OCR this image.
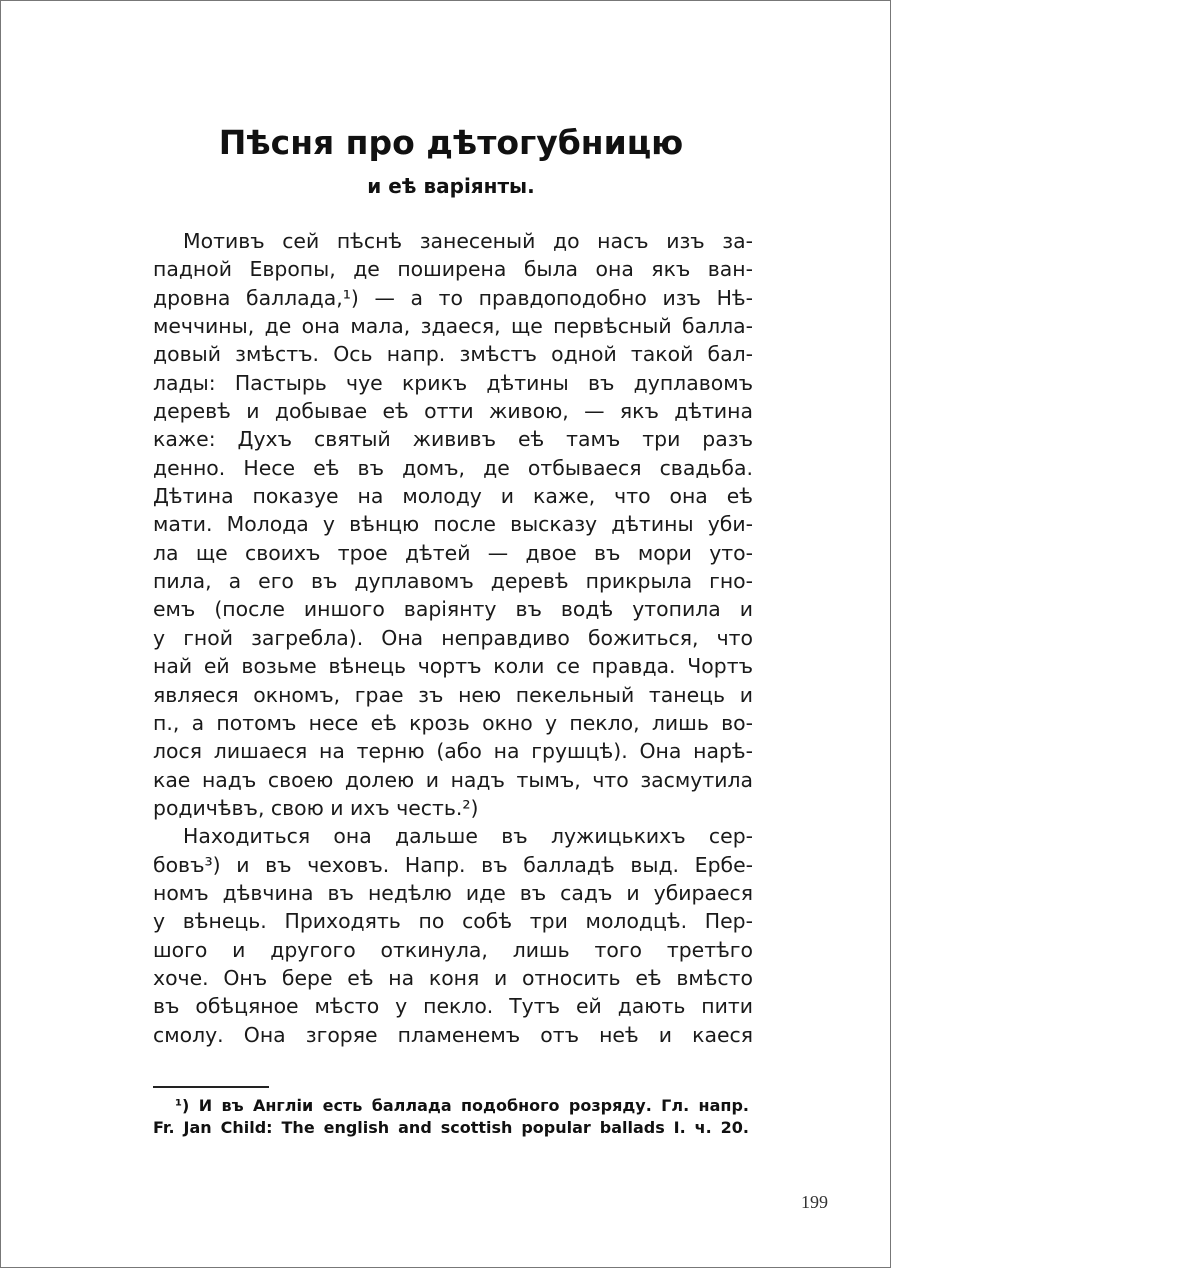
Пѣсня про дѣтогубницю
и еѣ варіянты.
Мотивъ сей пѣснѣ занесеный до насъ изъ за-
падной Европы, де поширена была она якъ ван-
дровна баллада,¹) — а то правдоподобно изъ Нѣ-
меччины, де она мала, здаеся, ще первѣсный балла-
довый змѣстъ. Ось напр. змѣстъ одной такой бал-
лады: Пастырь чуе крикъ дѣтины въ дуплавомъ
деревѣ и добывае еѣ отти живою, — якъ дѣтина
каже: Духъ святый жививъ еѣ тамъ три разъ
денно. Несе еѣ въ домъ, де отбываеся свадьба.
Дѣтина показуе на молоду и каже, что она еѣ
мати. Молода у вѣнцю после высказу дѣтины уби-
ла ще своихъ трое дѣтей — двое въ мори уто-
пила, а его въ дуплавомъ деревѣ прикрыла гно-
емъ (после иншого варіянту въ водѣ утопила и
у гной загребла). Она неправдиво божиться, что
най ей возьме вѣнець чортъ коли се правда. Чортъ
являеся окномъ, грае зъ нею пекельный танець и
п., а потомъ несе еѣ крозь окно у пекло, лишь во-
лося лишаеся на терню (або на грушцѣ). Она нарѣ-
кае надъ своею долею и надъ тымъ, что засмутила
родичѣвъ, свою и ихъ честь.²)
Находиться она дальше въ лужицькихъ сер-
бовъ³) и въ чеховъ. Напр. въ балладѣ выд. Ербе-
номъ дѣвчина въ недѣлю иде въ садъ и убираеся
у вѣнець. Приходять по собѣ три молодцѣ. Пер-
шого и другого откинула, лишь того третѣго
хоче. Онъ бере еѣ на коня и относить еѣ вмѣсто
въ обѣцяное мѣсто у пекло. Тутъ ей дають пити
смолу. Она згоряе пламенемъ отъ неѣ и каеся
¹) И въ Англіи есть баллада подобного розряду. Гл. напр.
Fr. Jan Child: The english and scottish popular ballads I. ч. 20.
199
